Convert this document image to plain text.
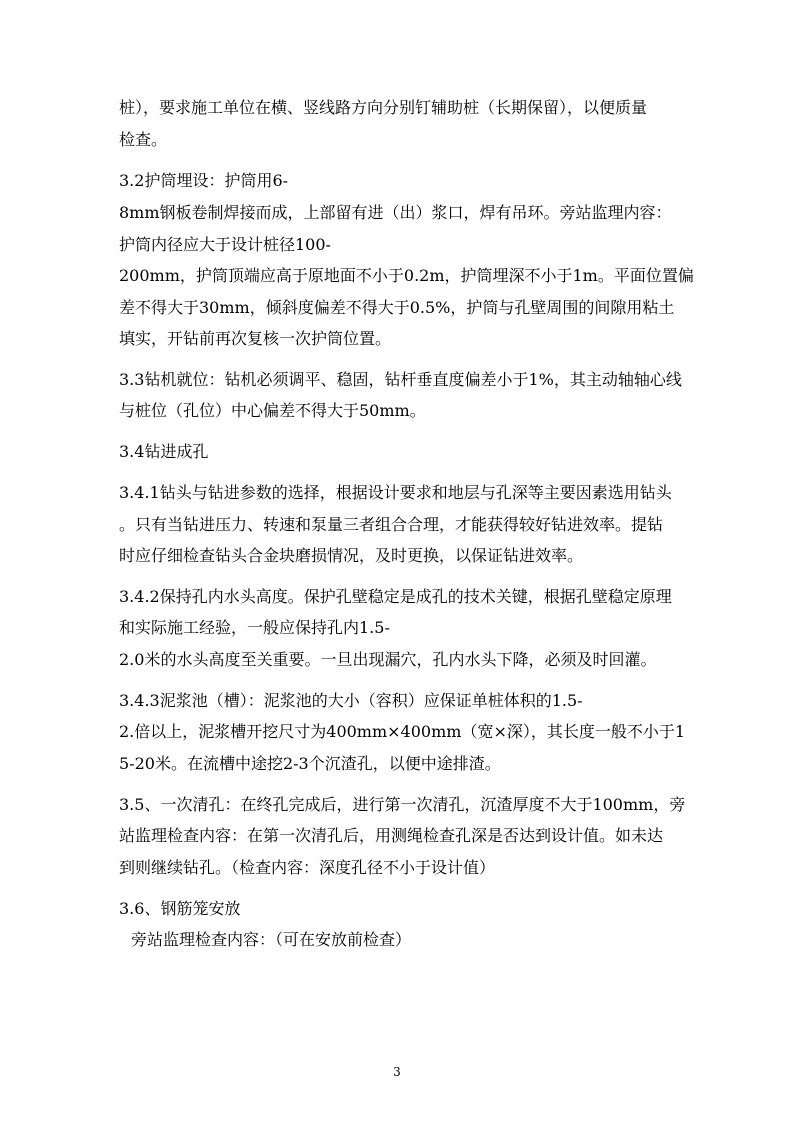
桩），要求施工单位在横、竖线路方向分别钉辅助桩（长期保留），以便质量
检查。
3.2护筒埋设：护筒用6-
8mm钢板卷制焊接而成，上部留有进（出）浆口，焊有吊环。旁站监理内容：
护筒内径应大于设计桩径100-
200mm，护筒顶端应高于原地面不小于0.2m，护筒埋深不小于1m。平面位置偏
差不得大于30mm，倾斜度偏差不得大于0.5%，护筒与孔壁周围的间隙用粘土
填实，开钻前再次复核一次护筒位置。
3.3钻机就位：钻机必须调平、稳固，钻杆垂直度偏差小于1%，其主动轴轴心线
与桩位（孔位）中心偏差不得大于50mm。
3.4钻进成孔
3.4.1钻头与钻进参数的选择，根据设计要求和地层与孔深等主要因素选用钻头
。只有当钻进压力、转速和泵量三者组合合理，才能获得较好钻进效率。提钻
时应仔细检查钻头合金块磨损情况，及时更换，以保证钻进效率。
3.4.2保持孔内水头高度。保护孔壁稳定是成孔的技术关键，根据孔壁稳定原理
和实际施工经验，一般应保持孔内1.5-
2.0米的水头高度至关重要。一旦出现漏穴，孔内水头下降，必须及时回灌。
3.4.3泥浆池（槽）：泥浆池的大小（容积）应保证单桩体积的1.5-
2.倍以上，泥浆槽开挖尺寸为400mm×400mm（宽×深），其长度一般不小于1
5-20米。在流槽中途挖2-3个沉渣孔，以便中途排渣。
3.5、一次清孔：在终孔完成后，进行第一次清孔，沉渣厚度不大于100mm，旁
站监理检查内容：在第一次清孔后，用测绳检查孔深是否达到设计值。如未达
到则继续钻孔。（检查内容：深度孔径不小于设计值）
3.6、钢筋笼安放
旁站监理检查内容：（可在安放前检查）
3
